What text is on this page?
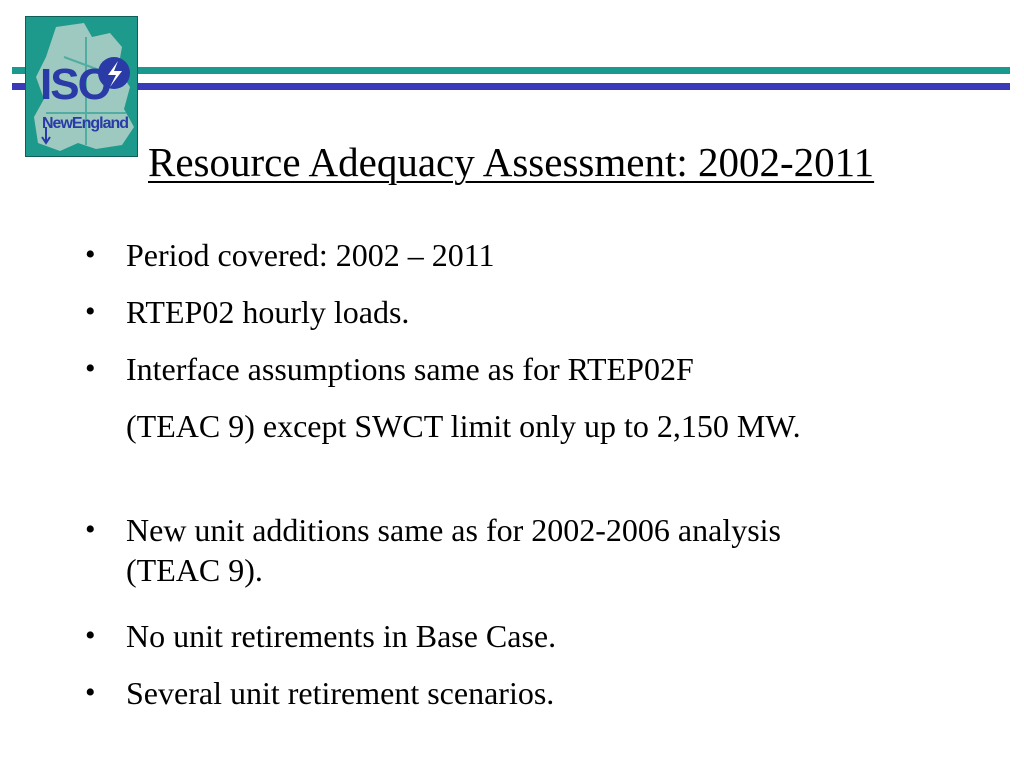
ISO
NewEngland
Resource Adequacy Assessment: 2002-2011
• Period covered: 2002 – 2011

• RTEP02 hourly loads.

• Interface assumptions same as for RTEP02F

(TEAC 9) except SWCT limit only up to 2,150 MW.

• New unit additions same as for 2002-2006 analysis (TEAC 9).

• No unit retirements in Base Case.

• Several unit retirement scenarios.
